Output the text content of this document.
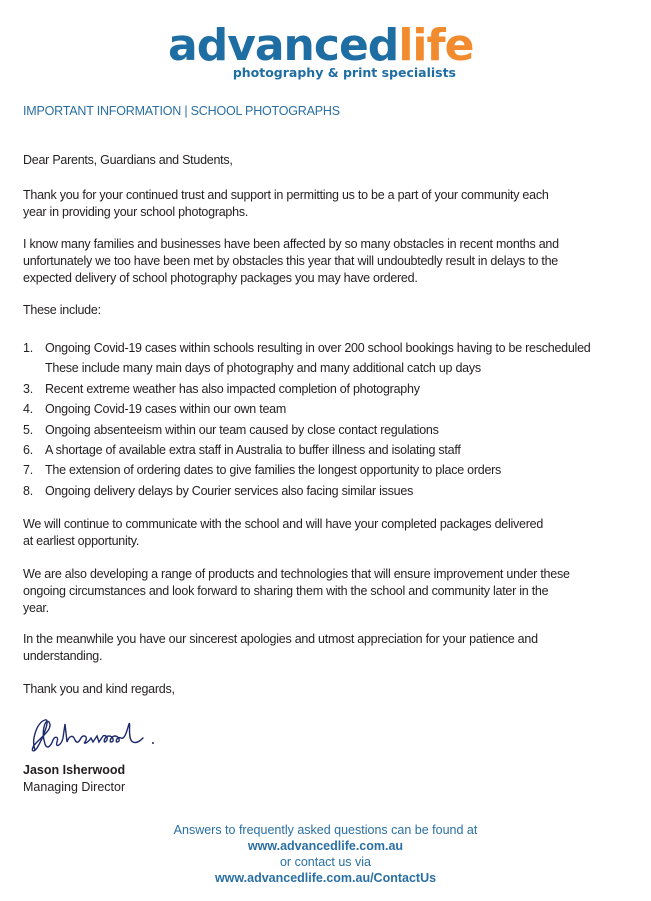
advancedlife
photography & print specialists
IMPORTANT INFORMATION | SCHOOL PHOTOGRAPHS

Dear Parents, Guardians and Students,

Thank you for your continued trust and support in permitting us to be a part of your community each
year in providing your school photographs.

I know many families and businesses have been affected by so many obstacles in recent months and
unfortunately we too have been met by obstacles this year that will undoubtedly result in delays to the
expected delivery of school photography packages you may have ordered.

These include:

1. Ongoing Covid-19 cases within schools resulting in over 200 school bookings having to be rescheduled
These include many main days of photography and many additional catch up days
3. Recent extreme weather has also impacted completion of photography
4. Ongoing Covid-19 cases within our own team
5. Ongoing absenteeism within our team caused by close contact regulations
6. A shortage of available extra staff in Australia to buffer illness and isolating staff
7. The extension of ordering dates to give families the longest opportunity to place orders
8. Ongoing delivery delays by Courier services also facing similar issues

We will continue to communicate with the school and will have your completed packages delivered
at earliest opportunity.

We are also developing a range of products and technologies that will ensure improvement under these
ongoing circumstances and look forward to sharing them with the school and community later in the
year.

In the meanwhile you have our sincerest apologies and utmost appreciation for your patience and
understanding.

Thank you and kind regards,

Jason Isherwood
Managing Director
Answers to frequently asked questions can be found at
www.advancedlife.com.au
or contact us via
www.advancedlife.com.au/ContactUs
